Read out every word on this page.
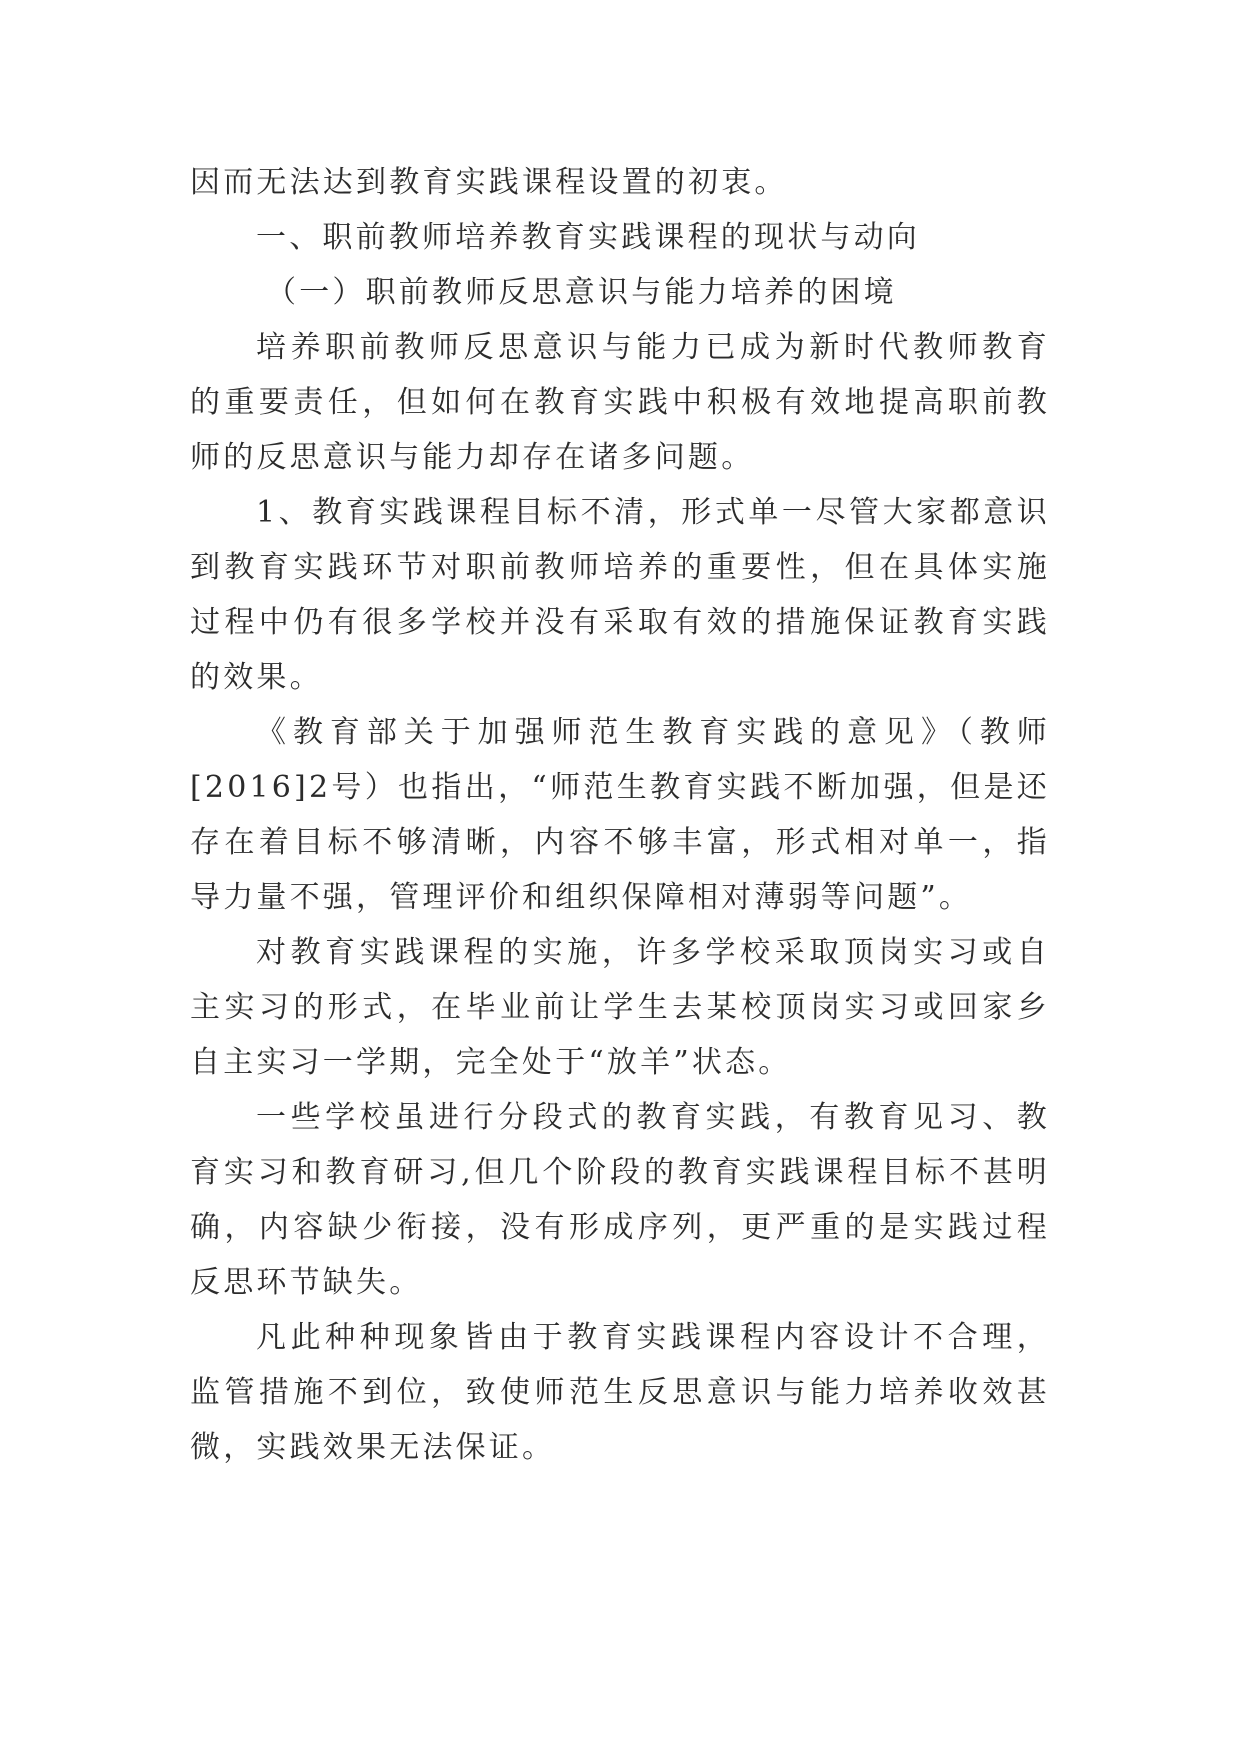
因而无法达到教育实践课程设置的初衷。

一、职前教师培养教育实践课程的现状与动向

（一）职前教师反思意识与能力培养的困境

培养职前教师反思意识与能力已成为新时代教师教育的重要责任，但如何在教育实践中积极有效地提高职前教师的反思意识与能力却存在诸多问题。

1、教育实践课程目标不清，形式单一尽管大家都意识到教育实践环节对职前教师培养的重要性，但在具体实施过程中仍有很多学校并没有采取有效的措施保证教育实践的效果。

《教育部关于加强师范生教育实践的意见》（教师[2016]2号）也指出，“师范生教育实践不断加强，但是还存在着目标不够清晰，内容不够丰富，形式相对单一，指导力量不强，管理评价和组织保障相对薄弱等问题”。

对教育实践课程的实施，许多学校采取顶岗实习或自主实习的形式，在毕业前让学生去某校顶岗实习或回家乡自主实习一学期，完全处于“放羊”状态。

一些学校虽进行分段式的教育实践，有教育见习、教育实习和教育研习,但几个阶段的教育实践课程目标不甚明确，内容缺少衔接，没有形成序列，更严重的是实践过程反思环节缺失。

凡此种种现象皆由于教育实践课程内容设计不合理，监管措施不到位，致使师范生反思意识与能力培养收效甚微，实践效果无法保证。
